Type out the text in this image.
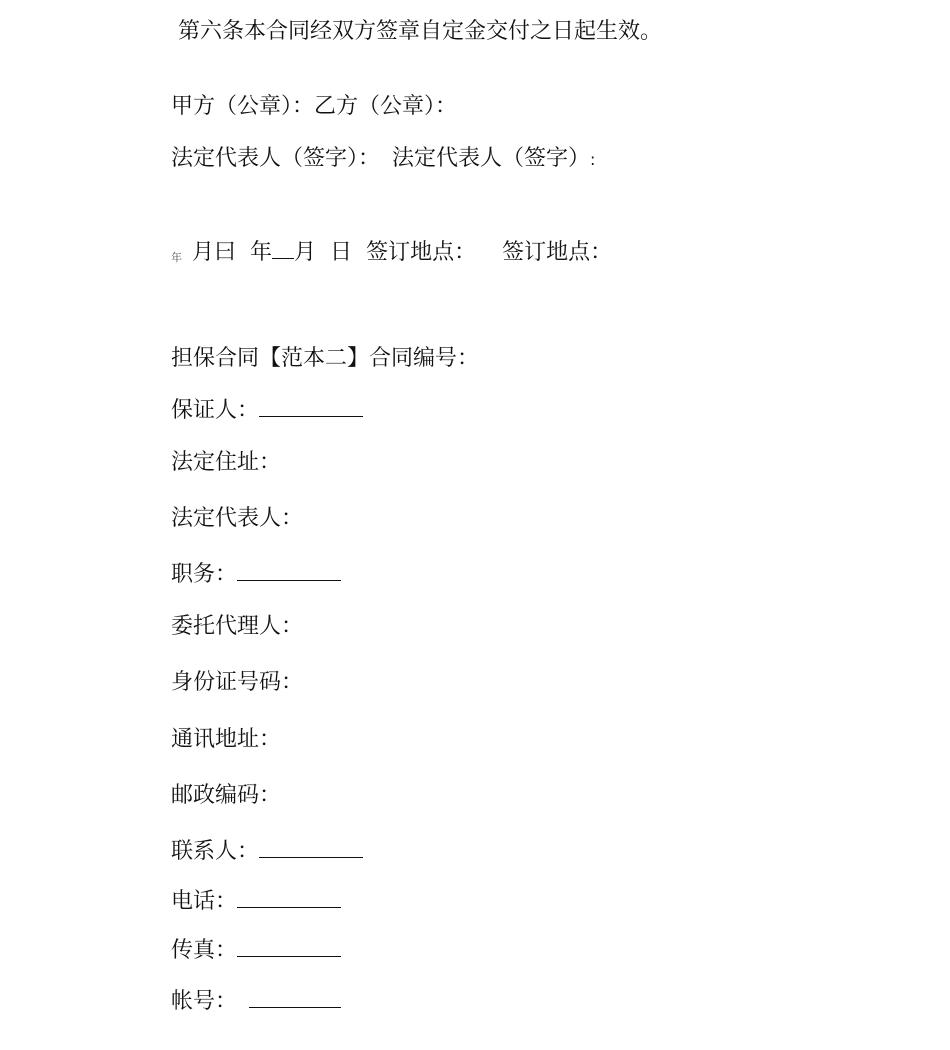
第六条本合同经双方签章自定金交付之日起生效。
甲方（公章）：乙方（公章）：
法定代表人（签字）： 法定代表人（签字）:
年 月曰 年 月 日 签订地点： 签订地点：
担保合同【范本二】合同编号：
保证人：
法定住址：
法定代表人：
职务：
委托代理人：
身份证号码：
通讯地址：
邮政编码：
联系人：
电话：
传真：
帐号：
